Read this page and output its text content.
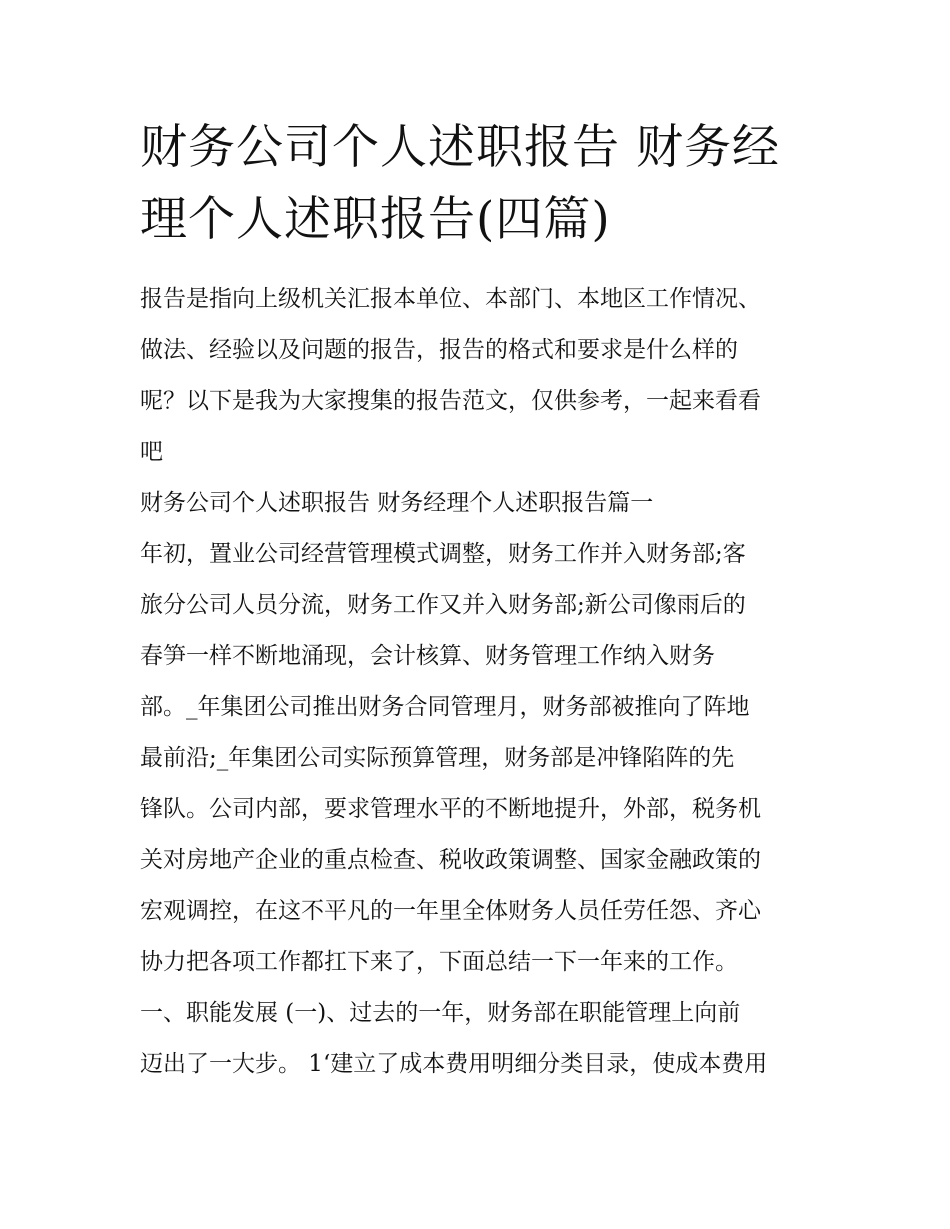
财务公司个人述职报告 财务经
理个人述职报告(四篇)
报告是指向上级机关汇报本单位、本部门、本地区工作情况、
做法、经验以及问题的报告，报告的格式和要求是什么样的
呢？以下是我为大家搜集的报告范文，仅供参考，一起来看看
吧
财务公司个人述职报告 财务经理个人述职报告篇一
年初，置业公司经营管理模式调整，财务工作并入财务部;客
旅分公司人员分流，财务工作又并入财务部;新公司像雨后的
春笋一样不断地涌现，会计核算、财务管理工作纳入财务
部。_年集团公司推出财务合同管理月，财务部被推向了阵地
最前沿;_年集团公司实际预算管理，财务部是冲锋陷阵的先
锋队。公司内部，要求管理水平的不断地提升，外部，税务机
关对房地产企业的重点检查、税收政策调整、国家金融政策的
宏观调控，在这不平凡的一年里全体财务人员任劳任怨、齐心
协力把各项工作都扛下来了，下面总结一下一年来的工作。
一、职能发展 (一)、过去的一年，财务部在职能管理上向前
迈出了一大步。 1‘建立了成本费用明细分类目录，使成本费用
